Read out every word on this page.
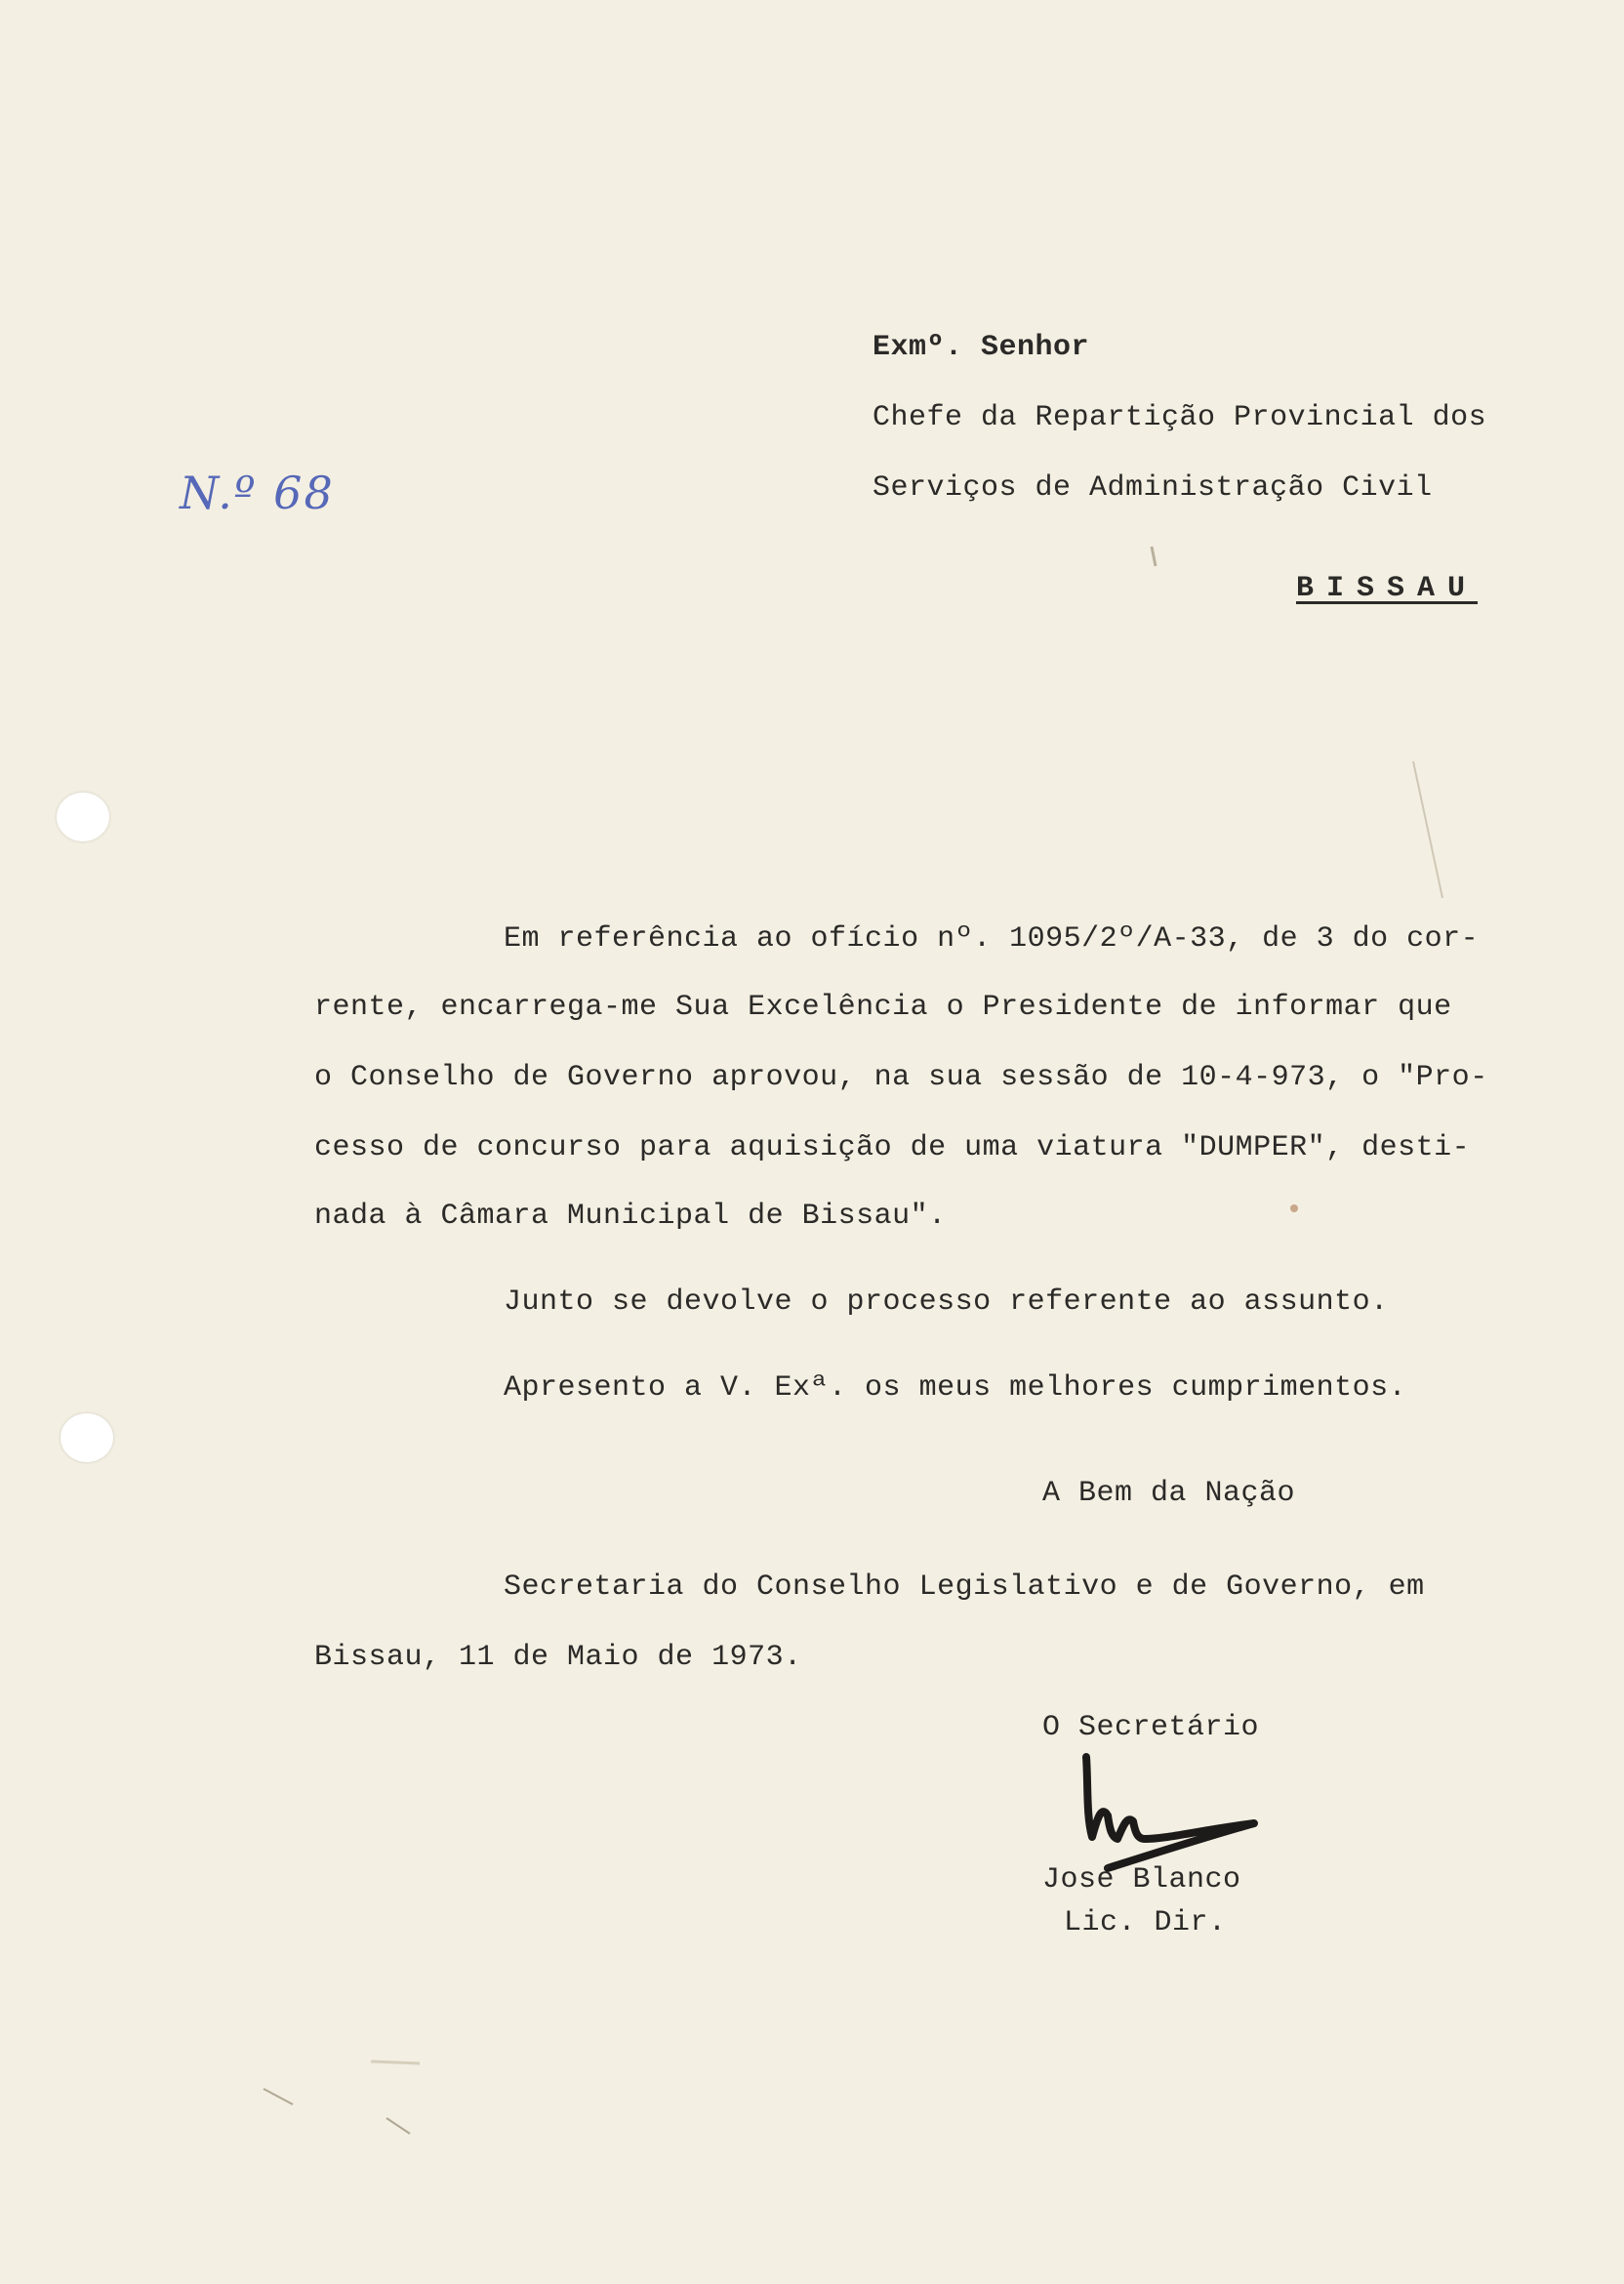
N.º 68
Exmº. Senhor
Chefe da Repartição Provincial dos
Serviços de Administração Civil
BISSAU
Em referência ao ofício nº. 1095/2º/A-33, de 3 do cor-
rente, encarrega-me Sua Excelência o Presidente de informar que
o Conselho de Governo aprovou, na sua sessão de 10-4-973, o "Pro-
cesso de concurso para aquisição de uma viatura "DUMPER", desti-
nada à Câmara Municipal de Bissau".
Junto se devolve o processo referente ao assunto.
Apresento a V. Exª. os meus melhores cumprimentos.
A Bem da Nação
Secretaria do Conselho Legislativo e de Governo, em
Bissau, 11 de Maio de 1973.
O Secretário
José Blanco
Lic. Dir.
